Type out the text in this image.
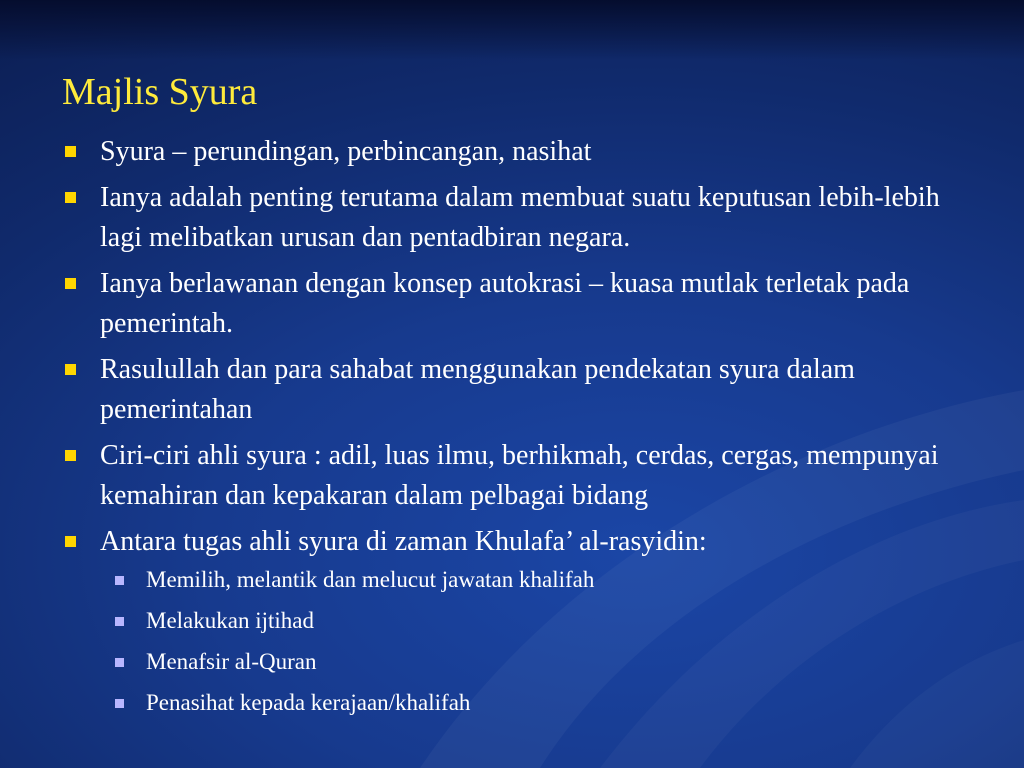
Majlis Syura
Syura – perundingan, perbincangan, nasihat
Ianya adalah penting terutama dalam membuat suatu keputusan lebih-lebih lagi melibatkan urusan dan pentadbiran negara.
Ianya berlawanan dengan konsep autokrasi – kuasa mutlak terletak pada pemerintah.
Rasulullah dan para sahabat menggunakan pendekatan syura dalam pemerintahan
Ciri-ciri ahli syura : adil, luas ilmu, berhikmah, cerdas, cergas, mempunyai kemahiran dan kepakaran dalam pelbagai bidang
Antara tugas ahli syura di zaman Khulafa’ al-rasyidin:
Memilih, melantik dan melucut jawatan khalifah
Melakukan ijtihad
Menafsir al-Quran
Penasihat kepada kerajaan/khalifah
